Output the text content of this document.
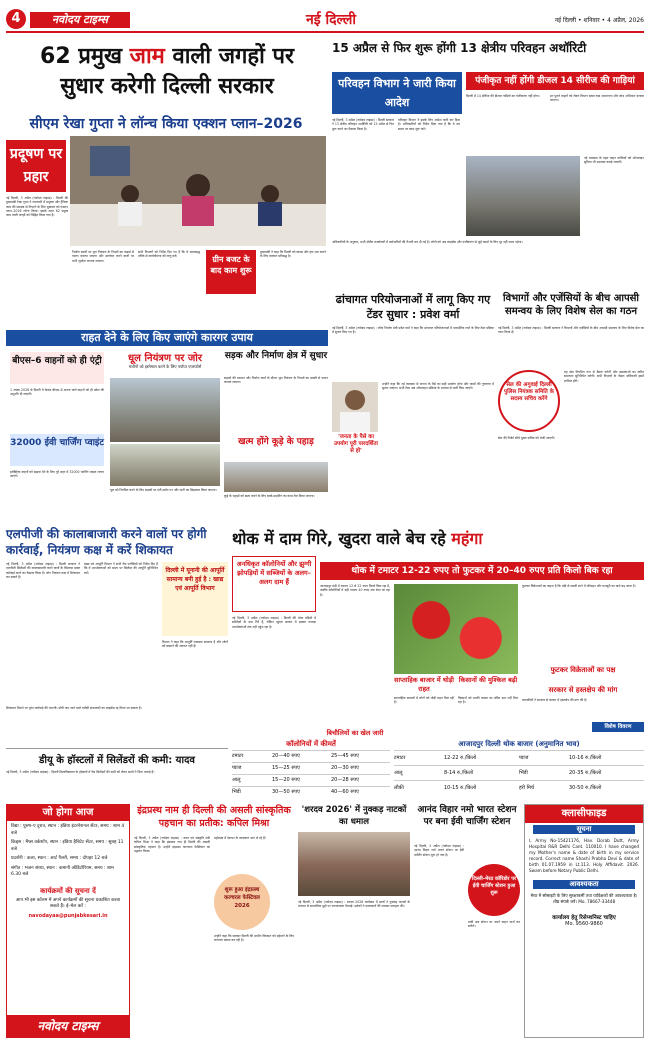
4	नवोदय टाइम्स	नई दिल्ली	नई दिल्ली • शनिवार • 4 अप्रैल, 2026
62 प्रमुख जाम वाली जगहों पर
सुधार करेगी दिल्ली सरकार
सीएम रेखा गुप्ता ने लॉन्च किया एक्शन प्लान–2026
प्रदूषण पर
प्रहार
नई दिल्ली, 3 अप्रैल (नवोदय टाइम्स) : दिल्ली की मुख्यमंत्री रेखा गुप्ता ने राजधानी में प्रदूषण और ट्रैफिक जाम की समस्या से निपटने के लिए शुक्रवार को एक्शन प्लान–2026 लॉन्च किया। इसके तहत 62 प्रमुख जाम वाली जगहों को चिह्नित किया गया है।
निर्माण स्थलों पर धूल नियंत्रण के नियमों का कड़ाई से पालन कराया जाएगा और उल्लंघन करने वालों पर भारी जुर्माना लगाया जाएगा।
सभी विभागों को निर्देश दिए गए हैं कि वे समयबद्ध तरीके से कार्ययोजना को लागू करें।	ग्रीन बजट के बाद काम शुरू
मुख्यमंत्री ने कहा कि दिल्ली को स्वच्छ और हरा-भरा बनाने के लिए सरकार प्रतिबद्ध है।
15 अप्रैल से फिर शुरू होंगी 13 क्षेत्रीय परिवहन अथॉरिटी
परिवहन विभाग ने जारी किया आदेश
पंजीकृत नहीं होंगी डीजल 14 सीरीज की गाड़ियां
नई दिल्ली, 3 अप्रैल (नवोदय टाइम्स) : दिल्ली सरकार ने 13 क्षेत्रीय परिवहन अथॉरिटी को 15 अप्रैल से फिर शुरू करने का फैसला किया है।
परिवहन विभाग ने इसके लिए आदेश जारी कर दिया है। अधिकारियों को निर्देश दिया गया है कि वे तय समय पर काम शुरू करें।
दिल्ली में 14 सीरीज की डीजल गाड़ियों का पंजीकरण नहीं होगा।	इन पुराने वाहनों को लेकर विभाग सख्त रुख अपनाएगा और जांच अभियान चलाया जाएगा।
नई व्यवस्था के तहत वाहन मालिकों को ऑनलाइन सुविधा भी उपलब्ध कराई जाएगी।
अधिकारियों के अनुसार, सभी क्षेत्रीय कार्यालयों में कर्मचारियों की तैनाती कर दी गई है। लोगों को अब लाइसेंस और पंजीकरण से जुड़े कामों के लिए दूर नहीं जाना पड़ेगा।
ढांचागत परियोजनाओं में लागू किए गए टेंडर सुधार : प्रवेश वर्मा
नई दिल्ली, 3 अप्रैल (नवोदय टाइम्स) : लोक निर्माण मंत्री प्रवेश वर्मा ने कहा कि ढांचागत परियोजनाओं में पारदर्शिता लाने के लिए टेंडर प्रक्रिया में सुधार किए गए हैं।
'जनता के पैसे का उपयोग पूरी पारदर्शिता से हो'
उन्होंने कहा कि नई व्यवस्था से जनता के पैसे का सही उपयोग होगा और कामों की गुणवत्ता में सुधार आएगा। सभी टेंडर अब ऑनलाइन प्रक्रिया के माध्यम से जारी किए जाएंगे।
विभागों और एजेंसियों के बीच आपसी समन्वय के लिए विशेष सेल का गठन
नई दिल्ली, 3 अप्रैल (नवोदय टाइम्स) : दिल्ली सरकार ने विभागों और एजेंसियों के बीच आपसी समन्वय के लिए विशेष सेल का गठन किया है।
सेल की अगुवाई दिल्ली पुलिस नियंत्रक समिति के सदस्य सचिव करेंगे
यह सेल नियमित रूप से बैठक करेगी और समस्याओं का त्वरित समाधान सुनिश्चित करेगी। सभी विभागों के नोडल अधिकारी इसमें शामिल होंगे।
सेल की रिपोर्ट सीधे मुख्य सचिव को भेजी जाएगी।
राहत देने के लिए किए जाएंगे कारगर उपाय
बीएस–6 वाहनों को ही एंट्री
1 नवंबर 2026 से दिल्ली में केवल बीएस–6 मानक वाले वाहनों को ही प्रवेश की अनुमति दी जाएगी।
32000 ईवी चार्जिंग प्वाइंट
इलेक्ट्रिक वाहनों को बढ़ावा देने के लिए पूरे शहर में 32000 चार्जिंग प्वाइंट लगाए जाएंगे।
धूल नियंत्रण पर जोर
मशीनों को इस्तेमाल करने के लिए पर्याप्त एयरफोर्स
धूल को नियंत्रित करने के लिए सड़कों पर एंटी-स्मॉग गन और पानी का छिड़काव किया जाएगा।
सड़क और निर्माण क्षेत्र में सुधार
सड़कों की मरम्मत और निर्माण कार्य के दौरान धूल नियंत्रण के नियमों का सख्ती से पालन कराया जाएगा।
खत्म होंगे कूड़े के पहाड़
कूड़े के पहाड़ों को खत्म करने के लिए बायो-माइनिंग का काम तेज किया जाएगा।
एलपीजी की कालाबाजारी करने वालों पर होगी कार्रवाई, नियंत्रण कक्ष में करें शिकायत
नई दिल्ली, 3 अप्रैल (नवोदय टाइम्स) : दिल्ली सरकार ने एलपीजी सिलेंडरों की कालाबाजारी करने वालों के खिलाफ सख्त कार्रवाई करने का फैसला किया है। लोग नियंत्रण कक्ष में शिकायत कर सकते हैं।
खाद्य एवं आपूर्ति विभाग ने सभी गैस एजेंसियों को निर्देश दिए हैं कि वे उपभोक्ताओं को समय पर सिलेंडर की आपूर्ति सुनिश्चित करें।	दिल्ली में यूनानी की आपूर्ति सामान्य बनी हुई है : खाद्य एवं आपूर्ति विभाग
विभाग ने कहा कि आपूर्ति व्यवस्था सामान्य है और लोगों को घबराने की जरूरत नहीं है।
शिकायत मिलने पर तुरंत कार्रवाई की जाएगी। दोषी पाए जाने वाले एजेंसी संचालकों का लाइसेंस रद्द किया जा सकता है।
डीयू के हॉस्टलों में सिलेंडरों की कमी: यादव
नई दिल्ली, 3 अप्रैल (नवोदय टाइम्स) : दिल्ली विश्वविद्यालय के हॉस्टलों में गैस सिलेंडरों की कमी को लेकर छात्रों ने चिंता जताई है।
थोक में दाम गिरे, खुदरा वाले बेच रहे महंगा
अनधिकृत कॉलोनियों और झुग्गी झोपड़ियों में सब्जियों के अलग–अलग दाम हैं
थोक में टमाटर 12-22 रुपए तो फुटकर में 20–40 रुपए प्रति किलो बिक रहा
नई दिल्ली, 3 अप्रैल (नवोदय टाइम्स) : दिल्ली की थोक मंडियों में सब्जियों के दाम गिरे हैं, लेकिन खुदरा बाजार में इसका फायदा उपभोक्ताओं तक नहीं पहुंच रहा है।
आजादपुर मंडी में टमाटर 12 से 22 रुपए किलो बिक रहा है, जबकि कॉलोनियों में यही टमाटर 40 रुपए तक बेचा जा रहा है।
फुटकर विक्रेताओं का कहना है कि मंडी से सब्जी लाने में परिवहन और मजदूरी का खर्च बढ़ जाता है।
साप्ताहिक बाजार में थोड़ी राहत
किसानों की मुश्किल बढ़ी
साप्ताहिक बाजारों में लोगों को थोड़ी राहत मिल रही है।
किसानों को उनकी फसल का उचित दाम नहीं मिल रहा है।
फुटकर विक्रेताओं का पक्ष
बिचौलियों का खेल जारी
सरकार से हस्तक्षेप की मांग
व्यापारियों ने सरकार से बाजार में हस्तक्षेप की मांग की है।
विशेष विवरण
कॉलोनियों में कीमतें
टमाटर	20—40 रुपए	25—45 रुपए
प्याज	15—25 रुपए	20—30 रुपए
आलू	15—20 रुपए	20—28 रुपए
भिंडी	30—50 रुपए	40—60 रुपए
आजादपुर दिल्ली थोक बाजार (अनुमानित भाव)
टमाटर	12-22 रु./किलो	प्याज	10-16 रु./किलो
आलू	8-14 रु./किलो	भिंडी	20-35 रु./किलो
लौकी	10-15 रु./किलो	हरी मिर्च	30-50 रु./किलो
जो होगा आज
विद्या : पुरुष–ए दुरात, स्थान : इंडिया इंटरनेशनल सेंटर, समय : शाम 4 बजे
किड्स : मैथ्स वर्कशॉप, स्थान : इंडिया हैबिटेट सेंटर, समय : सुबह 11 बजे
प्रदर्शनी : कला, स्थान : आर्ट गैलरी, समय : दोपहर 12 बजे
संगीत : भजन संध्या, स्थान : कमानी ऑडिटोरियम, समय : शाम 6.30 बजे
कार्यक्रमों की सूचना दें
आप भी इस कॉलम में अपने कार्यक्रमों की सूचना प्रकाशित करवा सकते हैं। ई–मेल करें :
navodayaa@punjabkesari.in
नवोदय टाइम्स
इंद्रप्रस्थ नाम ही दिल्ली की असली सांस्कृतिक पहचान का प्रतीक: कपिल मिश्रा
नई दिल्ली, 3 अप्रैल (नवोदय टाइम्स) : कला एवं संस्कृति मंत्री कपिल मिश्रा ने कहा कि इंद्रप्रस्थ नाम ही दिल्ली की असली सांस्कृतिक पहचान है। उन्होंने इंद्रप्रस्थ कल्चरल फेस्टिवल का उद्घाटन किया।
शुरू हुआ इंद्रप्रस्थ कल्चरल फेस्टिवल 2026
महोत्सव में देशभर के कलाकार भाग ले रहे हैं।
उन्होंने कहा कि सरकार दिल्ली की प्राचीन विरासत को सहेजने के लिए लगातार प्रयास कर रही है।
'शरदव 2026' में नुक्कड़ नाटकों का धमाल
नई दिल्ली, 3 अप्रैल (नवोदय टाइम्स) : शरदव 2026 कार्यक्रम में छात्रों ने नुक्कड़ नाटकों के माध्यम से सामाजिक मुद्दों पर जागरूकता फैलाई। दर्शकों ने कलाकारों की जमकर सराहना की।
आनंद विहार नमो भारत स्टेशन पर बना ईवी चार्जिंग स्टेशन
नई दिल्ली, 3 अप्रैल (नवोदय टाइम्स) : आनंद विहार नमो भारत स्टेशन पर ईवी चार्जिंग स्टेशन शुरू हो गया है।
दिल्ली–मेरठ कॉरिडोर पर ईवी चार्जिंग स्टेशन हुआ शुरू
यात्री अब स्टेशन पर अपने वाहन चार्ज कर सकेंगे।
क्लासीफाइड
सूचना
I, Army No-15421176, Hav. Dorab Dutt, Army Hospital R&R Delhi Cant. 110010. I have changed my Mother's name & date of birth in my service record. Correct name Shashi Prabha Devi & date of birth 01.07.1959 in Lt.113. Holy Affidavit. 2026. Swam before Notary Public Delhi.
आवश्यकता
मेरठ में सोसाइटी के लिए सुरक्षाकर्मी तथा पर्यवेक्षकों की आवश्यकता है। शीघ्र संपर्क करें। Mo. 78667-33448
कार्यालय हेतु रिसेप्शनिस्ट चाहिए
Mo. 9560-9860
